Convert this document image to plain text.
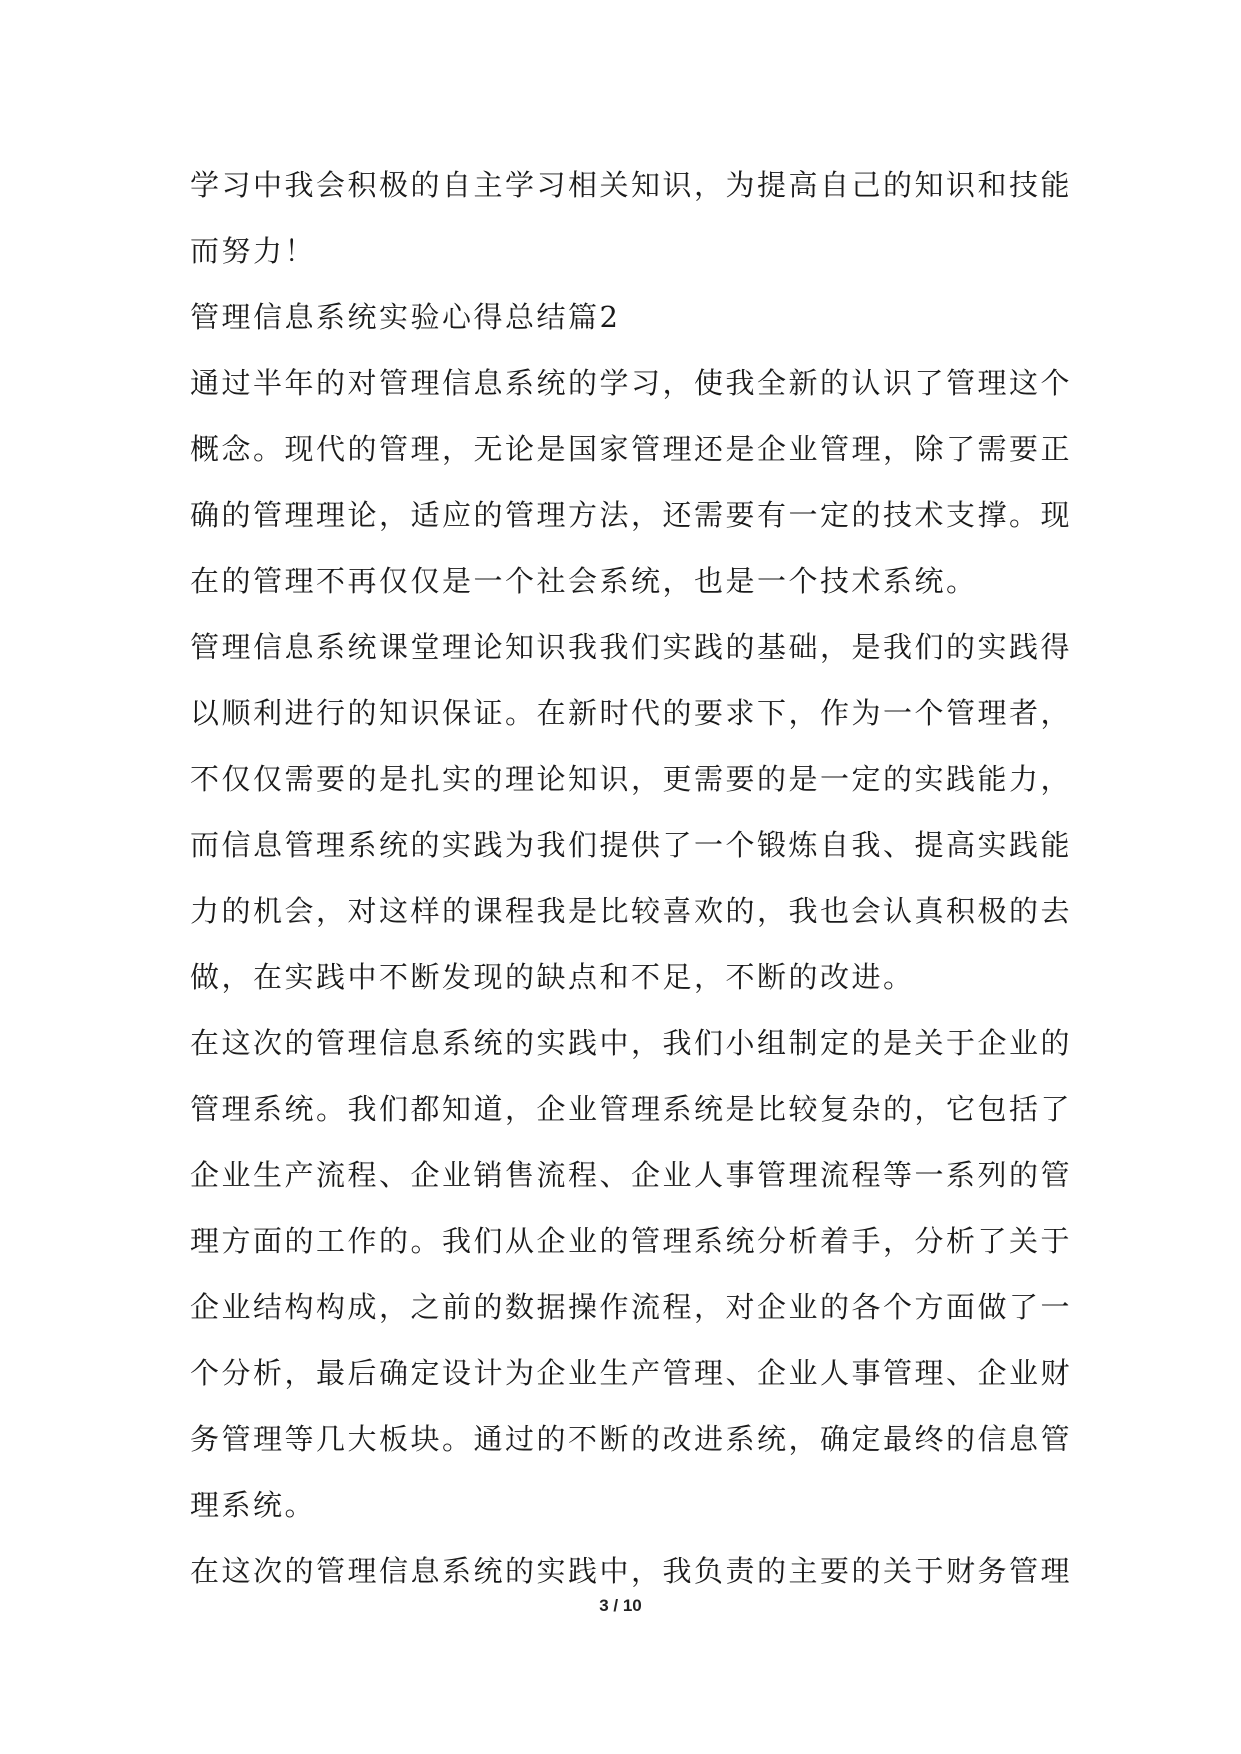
学习中我会积极的自主学习相关知识，为提高自己的知识和技能
而努力！
管理信息系统实验心得总结篇2
通过半年的对管理信息系统的学习，使我全新的认识了管理这个
概念。现代的管理，无论是国家管理还是企业管理，除了需要正
确的管理理论，适应的管理方法，还需要有一定的技术支撑。现
在的管理不再仅仅是一个社会系统，也是一个技术系统。
管理信息系统课堂理论知识我我们实践的基础，是我们的实践得
以顺利进行的知识保证。在新时代的要求下，作为一个管理者，
不仅仅需要的是扎实的理论知识，更需要的是一定的实践能力，
而信息管理系统的实践为我们提供了一个锻炼自我、提高实践能
力的机会，对这样的课程我是比较喜欢的，我也会认真积极的去
做，在实践中不断发现的缺点和不足，不断的改进。
在这次的管理信息系统的实践中，我们小组制定的是关于企业的
管理系统。我们都知道，企业管理系统是比较复杂的，它包括了
企业生产流程、企业销售流程、企业人事管理流程等一系列的管
理方面的工作的。我们从企业的管理系统分析着手，分析了关于
企业结构构成，之前的数据操作流程，对企业的各个方面做了一
个分析，最后确定设计为企业生产管理、企业人事管理、企业财
务管理等几大板块。通过的不断的改进系统，确定最终的信息管
理系统。
在这次的管理信息系统的实践中，我负责的主要的关于财务管理
3 / 10
